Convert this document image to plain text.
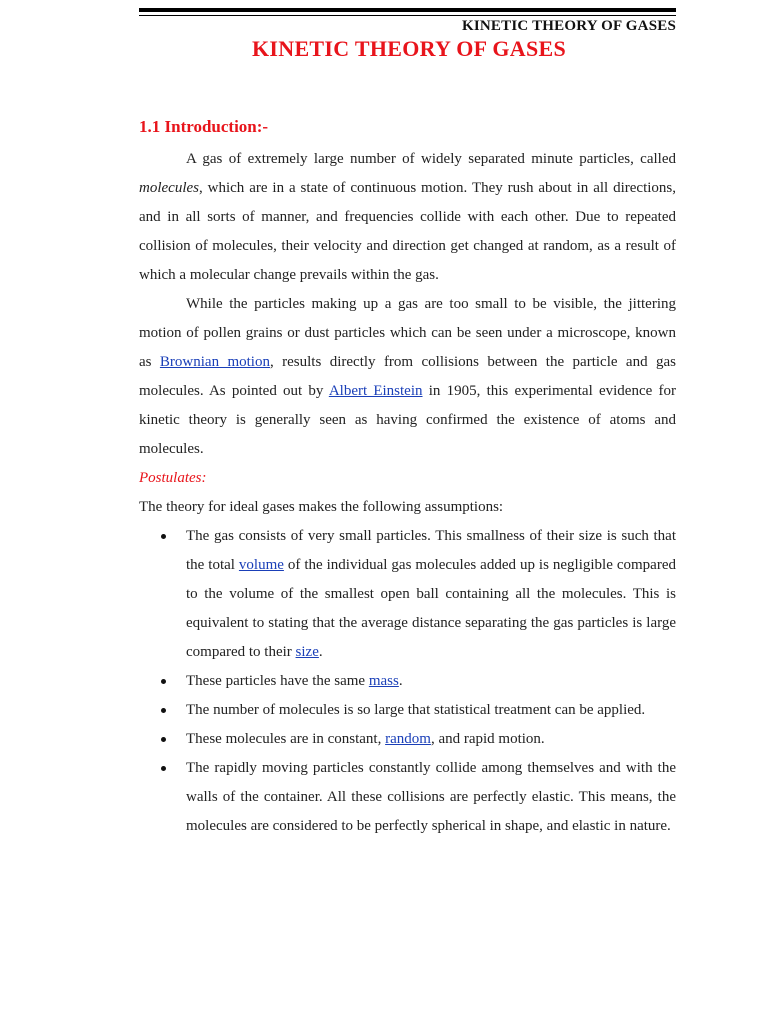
KINETIC THEORY OF GASES
KINETIC THEORY OF GASES
1.1 Introduction:-

A gas of extremely large number of widely separated minute particles, called molecules, which are in a state of continuous motion. They rush about in all directions, and in all sorts of manner, and frequencies collide with each other. Due to repeated collision of molecules, their velocity and direction get changed at random, as a result of which a molecular change prevails within the gas.

While the particles making up a gas are too small to be visible, the jittering motion of pollen grains or dust particles which can be seen under a microscope, known as Brownian motion, results directly from collisions between the particle and gas molecules. As pointed out by Albert Einstein in 1905, this experimental evidence for kinetic theory is generally seen as having confirmed the existence of atoms and molecules.

Postulates:

The theory for ideal gases makes the following assumptions:

The gas consists of very small particles. This smallness of their size is such that the total volume of the individual gas molecules added up is negligible compared to the volume of the smallest open ball containing all the molecules. This is equivalent to stating that the average distance separating the gas particles is large compared to their size.
These particles have the same mass.
The number of molecules is so large that statistical treatment can be applied.
These molecules are in constant, random, and rapid motion.
The rapidly moving particles constantly collide among themselves and with the walls of the container. All these collisions are perfectly elastic. This means, the molecules are considered to be perfectly spherical in shape, and elastic in nature.
